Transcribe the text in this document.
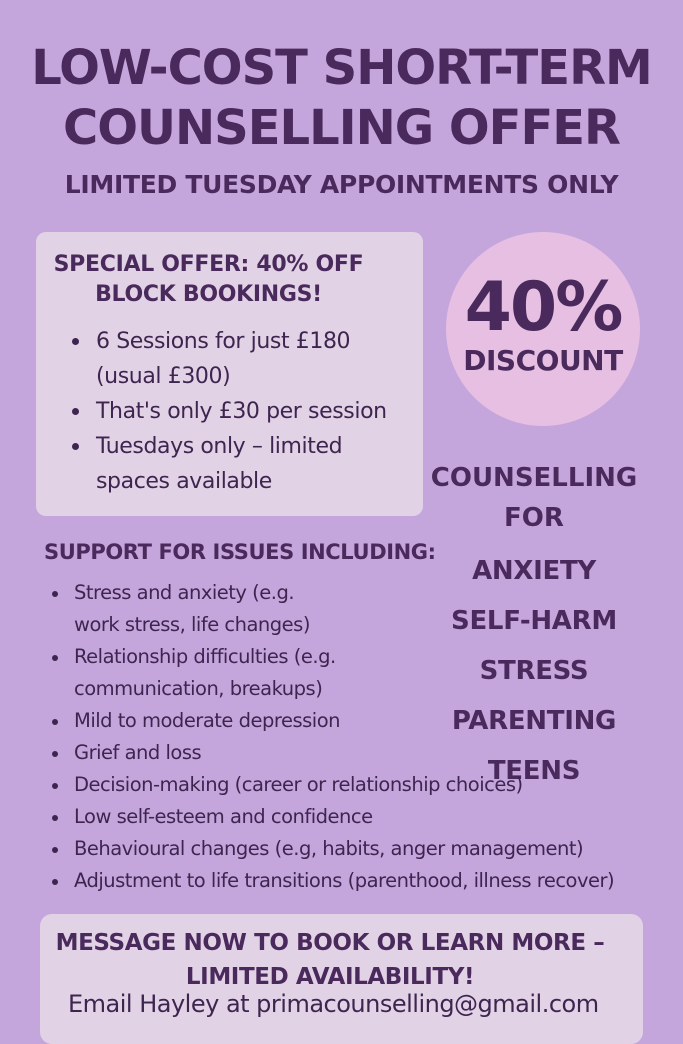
LOW-COST SHORT-TERM
COUNSELLING OFFER
LIMITED TUESDAY APPOINTMENTS ONLY
SPECIAL OFFER: 40% OFF
BLOCK BOOKINGS!
6 Sessions for just £180
(usual £300)
That's only £30 per session
Tuesdays only – limited
spaces available
40%
DISCOUNT
COUNSELLING
FOR
ANXIETY
SELF-HARM
STRESS
PARENTING TEENS
SUPPORT FOR ISSUES INCLUDING:
Stress and anxiety (e.g.
work stress, life changes)
Relationship difficulties (e.g.
communication, breakups)
Mild to moderate depression
Grief and loss
Decision-making (career or relationship choices)
Low self-esteem and confidence
Behavioural changes (e.g, habits, anger management)
Adjustment to life transitions (parenthood, illness recover)
MESSAGE NOW TO BOOK OR LEARN MORE –
LIMITED AVAILABILITY!
Email Hayley at primacounselling@gmail.com
